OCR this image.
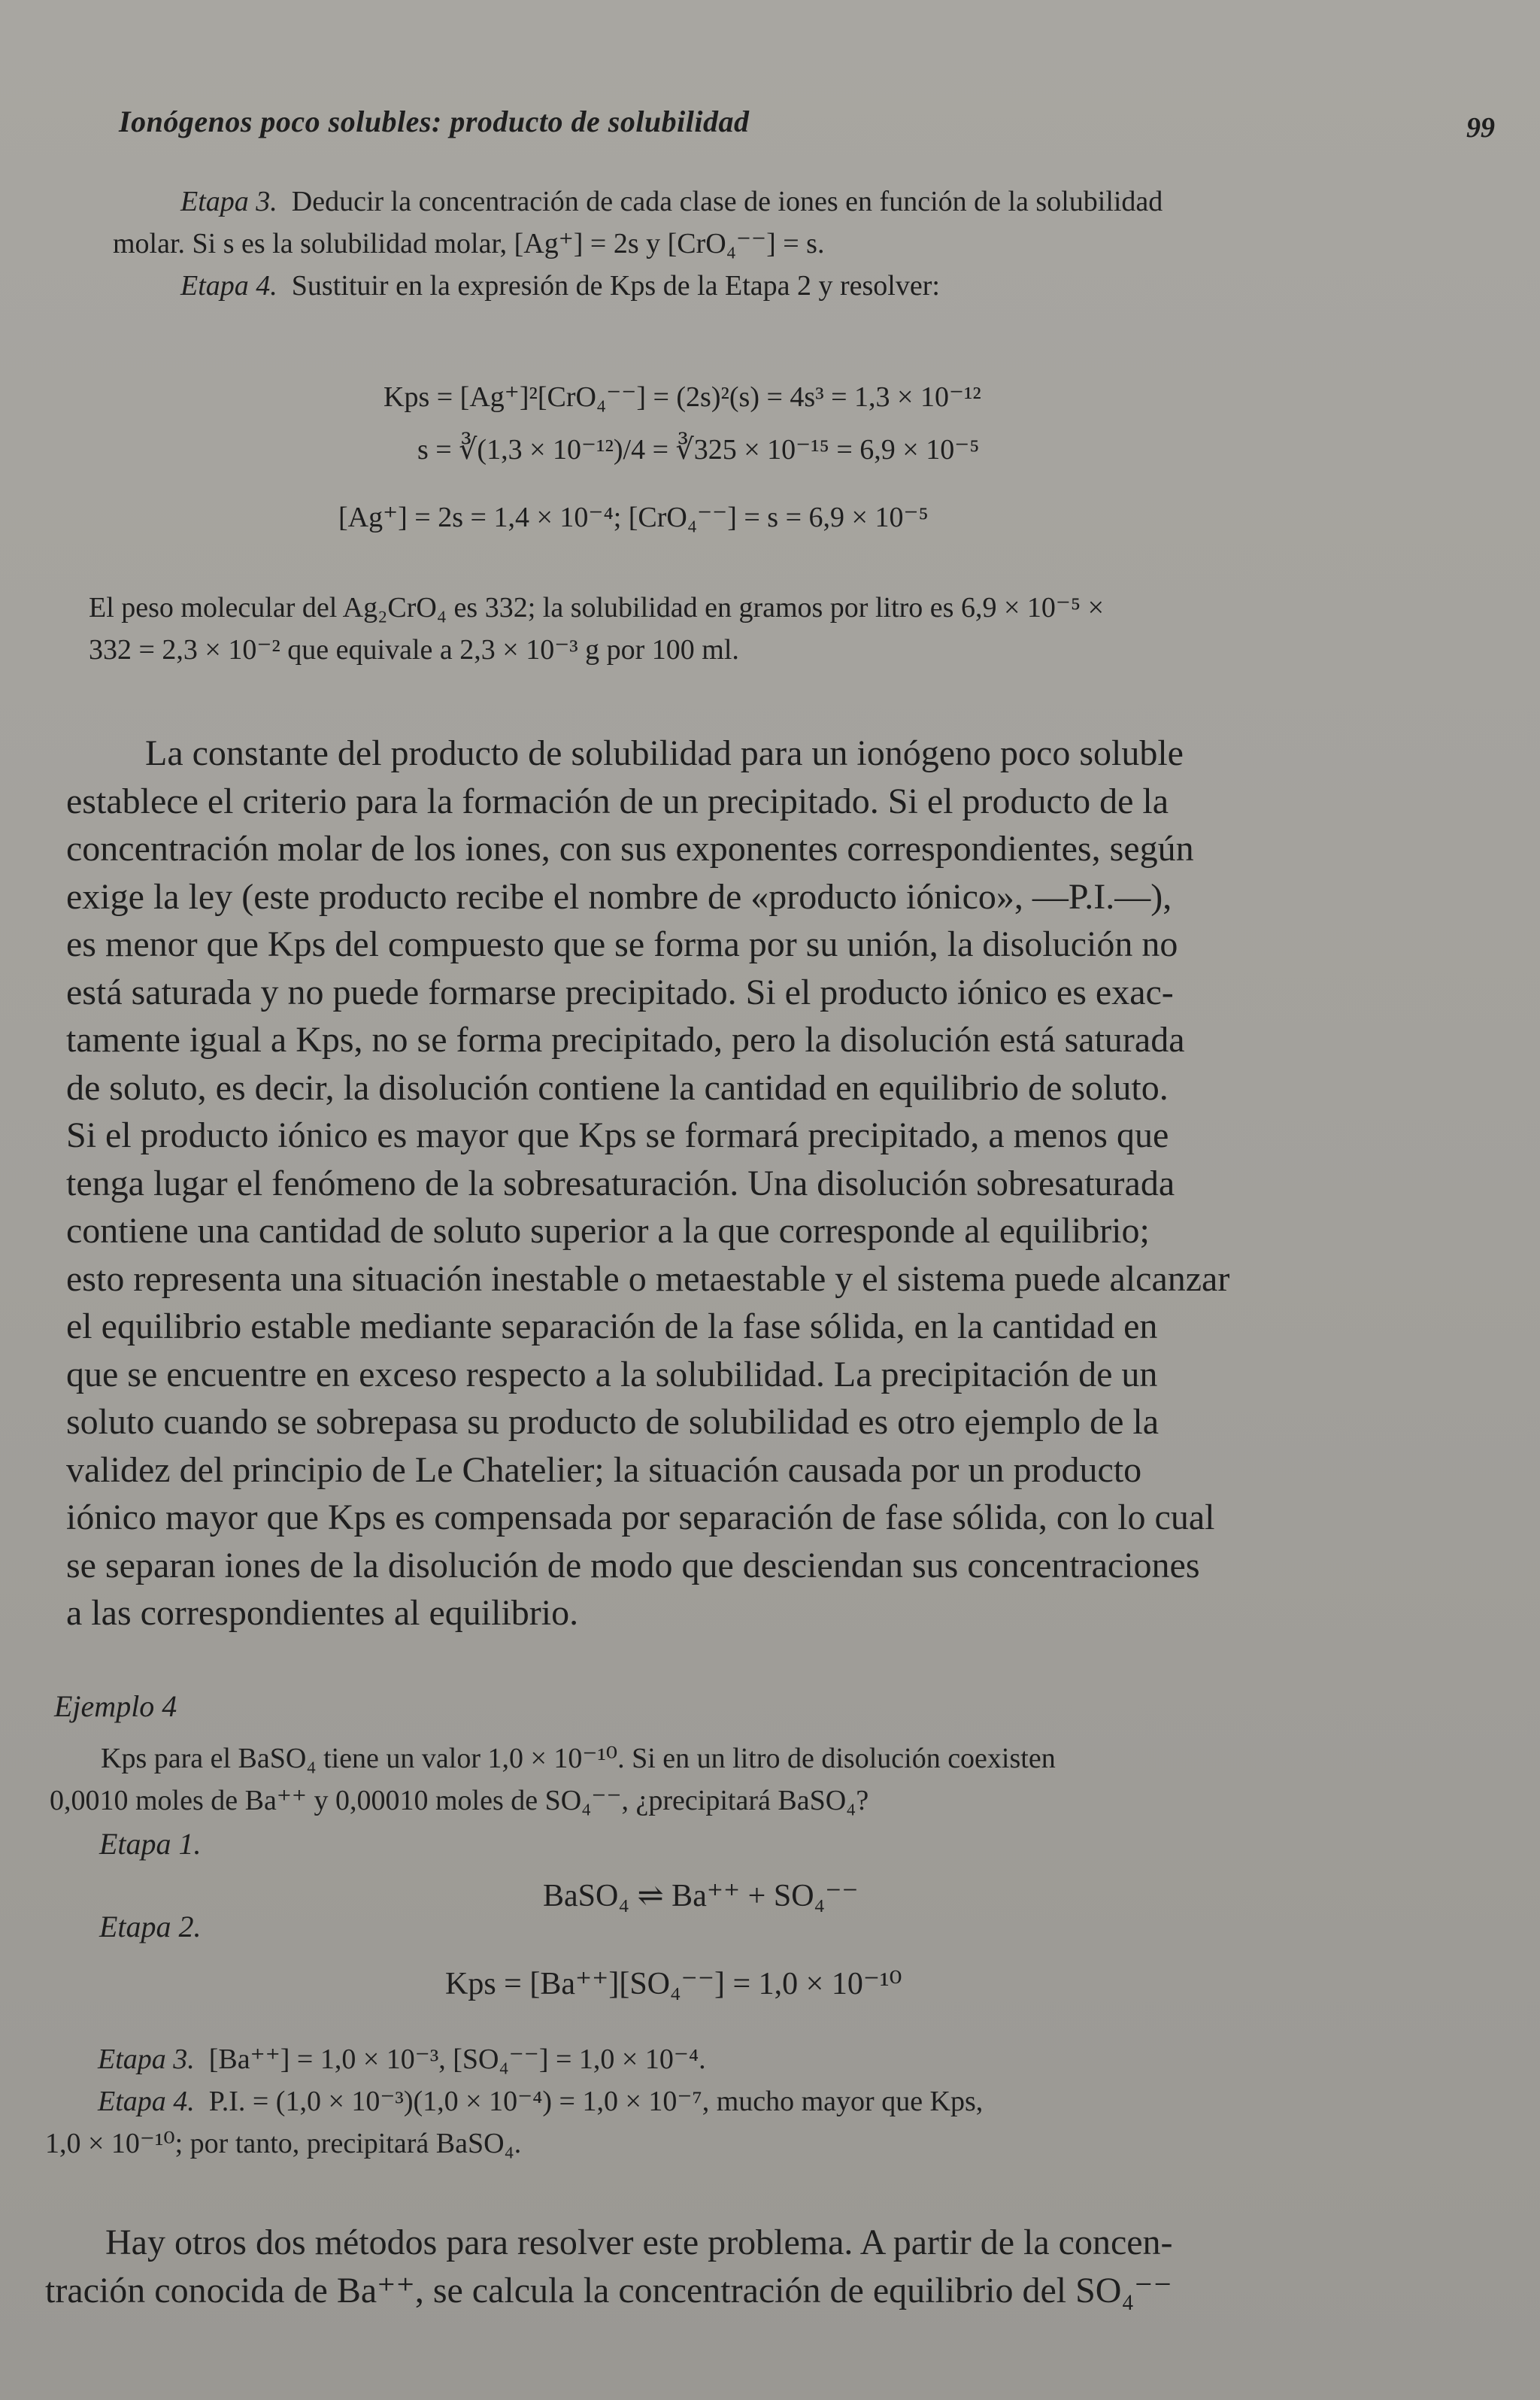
Ionógenos poco solubles: producto de solubilidad	99
Etapa 3. Deducir la concentración de cada clase de iones en función de la solubilidad
molar. Si s es la solubilidad molar, [Ag⁺] = 2s y [CrO₄⁻⁻] = s.
Etapa 4. Sustituir en la expresión de Kps de la Etapa 2 y resolver:
Kps = [Ag⁺]²[CrO₄⁻⁻] = (2s)²(s) = 4s³ = 1,3 × 10⁻¹²
s = ∛(1,3 × 10⁻¹²)/4 = ∛325 × 10⁻¹⁵ = 6,9 × 10⁻⁵
[Ag⁺] = 2s = 1,4 × 10⁻⁴; [CrO₄⁻⁻] = s = 6,9 × 10⁻⁵
El peso molecular del Ag₂CrO₄ es 332; la solubilidad en gramos por litro es 6,9 × 10⁻⁵ ×
332 = 2,3 × 10⁻² que equivale a 2,3 × 10⁻³ g por 100 ml.
La constante del producto de solubilidad para un ionógeno poco soluble
establece el criterio para la formación de un precipitado. Si el producto de la
concentración molar de los iones, con sus exponentes correspondientes, según
exige la ley (este producto recibe el nombre de «producto iónico», —P.I.—),
es menor que Kps del compuesto que se forma por su unión, la disolución no
está saturada y no puede formarse precipitado. Si el producto iónico es exac-
tamente igual a Kps, no se forma precipitado, pero la disolución está saturada
de soluto, es decir, la disolución contiene la cantidad en equilibrio de soluto.
Si el producto iónico es mayor que Kps se formará precipitado, a menos que
tenga lugar el fenómeno de la sobresaturación. Una disolución sobresaturada
contiene una cantidad de soluto superior a la que corresponde al equilibrio;
esto representa una situación inestable o metaestable y el sistema puede alcanzar
el equilibrio estable mediante separación de la fase sólida, en la cantidad en
que se encuentre en exceso respecto a la solubilidad. La precipitación de un
soluto cuando se sobrepasa su producto de solubilidad es otro ejemplo de la
validez del principio de Le Chatelier; la situación causada por un producto
iónico mayor que Kps es compensada por separación de fase sólida, con lo cual
se separan iones de la disolución de modo que desciendan sus concentraciones
a las correspondientes al equilibrio.
Ejemplo 4
Kps para el BaSO₄ tiene un valor 1,0 × 10⁻¹⁰. Si en un litro de disolución coexisten
0,0010 moles de Ba⁺⁺ y 0,00010 moles de SO₄⁻⁻, ¿precipitará BaSO₄?
Etapa 1.
BaSO₄ ⇌ Ba⁺⁺ + SO₄⁻⁻
Etapa 2.
Kps = [Ba⁺⁺][SO₄⁻⁻] = 1,0 × 10⁻¹⁰
Etapa 3. [Ba⁺⁺] = 1,0 × 10⁻³, [SO₄⁻⁻] = 1,0 × 10⁻⁴.
Etapa 4. P.I. = (1,0 × 10⁻³)(1,0 × 10⁻⁴) = 1,0 × 10⁻⁷, mucho mayor que Kps,
1,0 × 10⁻¹⁰; por tanto, precipitará BaSO₄.
Hay otros dos métodos para resolver este problema. A partir de la concen-
tración conocida de Ba⁺⁺, se calcula la concentración de equilibrio del SO₄⁻⁻
